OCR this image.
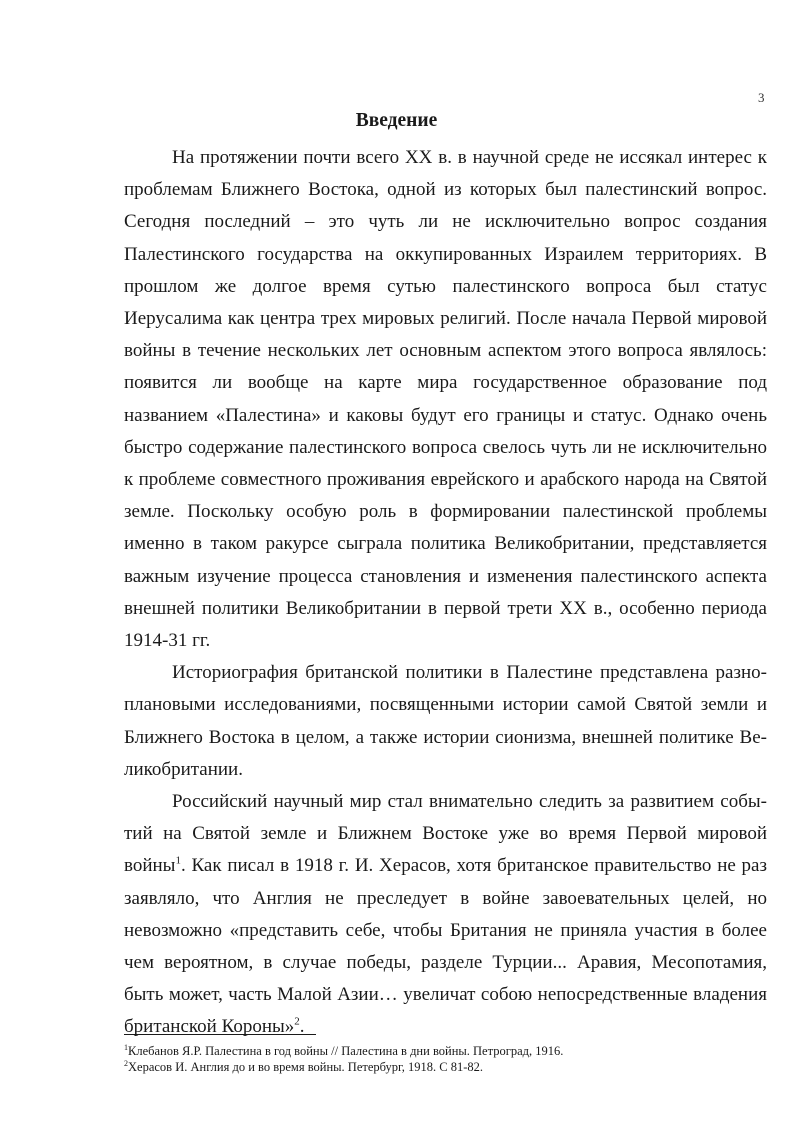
3
Введение

На протяжении почти всего XX в. в научной среде не иссякал интерес к проблемам Ближнего Востока, одной из которых был палестинский вопрос. Сегодня последний – это чуть ли не исключительно вопрос создания Палестинского государства на оккупированных Израилем территориях. В прошлом же долгое время сутью палестинского вопроса был статус Иерусалима как центра трех мировых религий. После начала Первой мировой войны в течение нескольких лет основным аспектом этого вопроса являлось: появится ли вообще на карте мира государственное образование под названием «Палестина» и каковы будут его границы и статус. Однако очень быстро содержание палестинского вопроса свелось чуть ли не исключительно к проблеме совместного проживания еврейского и арабского народа на Святой земле. Поскольку особую роль в формировании палестинской проблемы именно в таком ракурсе сыграла политика Великобритании, представляется важным изучение процесса становления и изменения палестинского аспекта внешней политики Великобритании в первой трети XX в., особенно периода 1914-31 гг.

Историография британской политики в Палестине представлена разноплановыми исследованиями, посвященными истории самой Святой земли и Ближнего Востока в целом, а также истории сионизма, внешней политике Великобритании.

Российский научный мир стал внимательно следить за развитием событий на Святой земле и Ближнем Востоке уже во время Первой мировой войны$^1$. Как писал в 1918 г. И. Херасов, хотя британское правительство не раз заявляло, что Англия не преследует в войне завоевательных целей, но невозможно «представить себе, чтобы Британия не приняла участия в более чем вероятном, в случае победы, разделе Турции... Аравия, Месопотамия, быть может, часть Малой Азии… увеличат собою непосредственные владения британской Короны»$^2$.

$^1$Клебанов Я.Р. Палестина в год войны // Палестина в дни войны. Петроград, 1916.

$^2$Херасов И. Англия до и во время войны. Петербург, 1918. С 81-82.
